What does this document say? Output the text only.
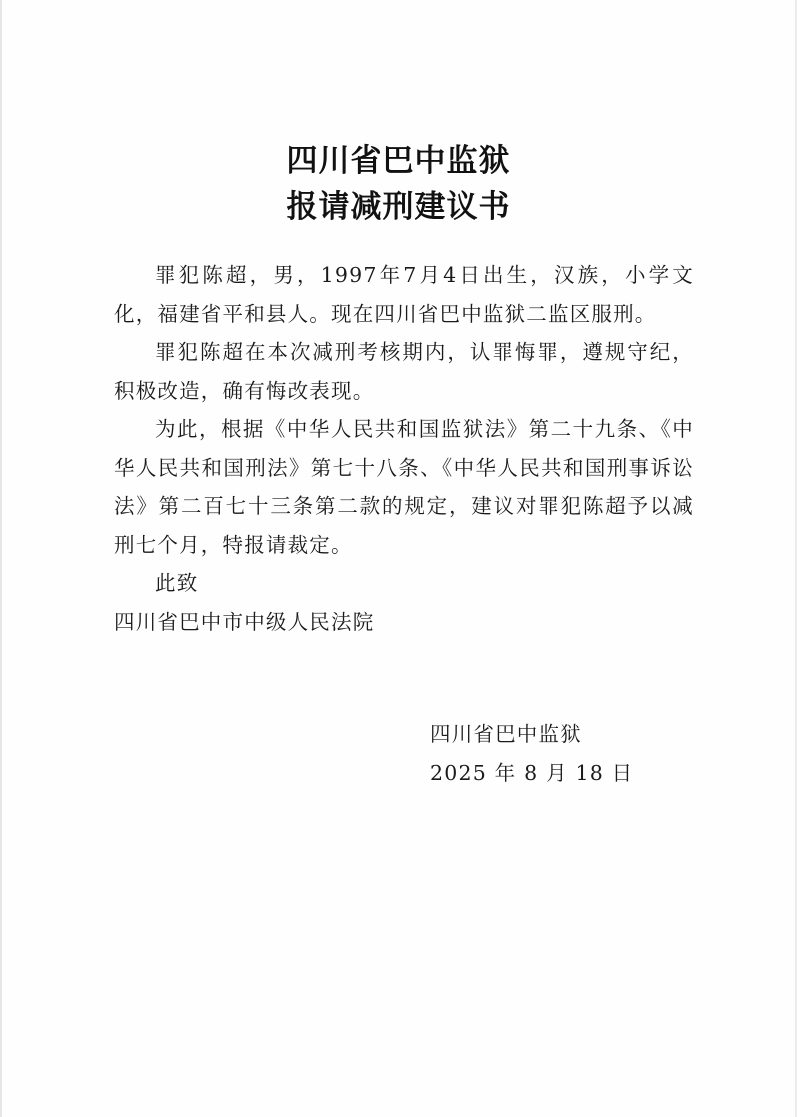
四川省巴中监狱
报请减刑建议书

罪犯陈超，男，1997年7月4日出生，汉族，小学文化，福建省平和县人。现在四川省巴中监狱二监区服刑。

罪犯陈超在本次减刑考核期内，认罪悔罪，遵规守纪，积极改造，确有悔改表现。

为此，根据《中华人民共和国监狱法》第二十九条、《中华人民共和国刑法》第七十八条、《中华人民共和国刑事诉讼法》第二百七十三条第二款的规定，建议对罪犯陈超予以减刑七个月，特报请裁定。

此致

四川省巴中市中级人民法院

四川省巴中监狱
2025 年 8 月 18 日
